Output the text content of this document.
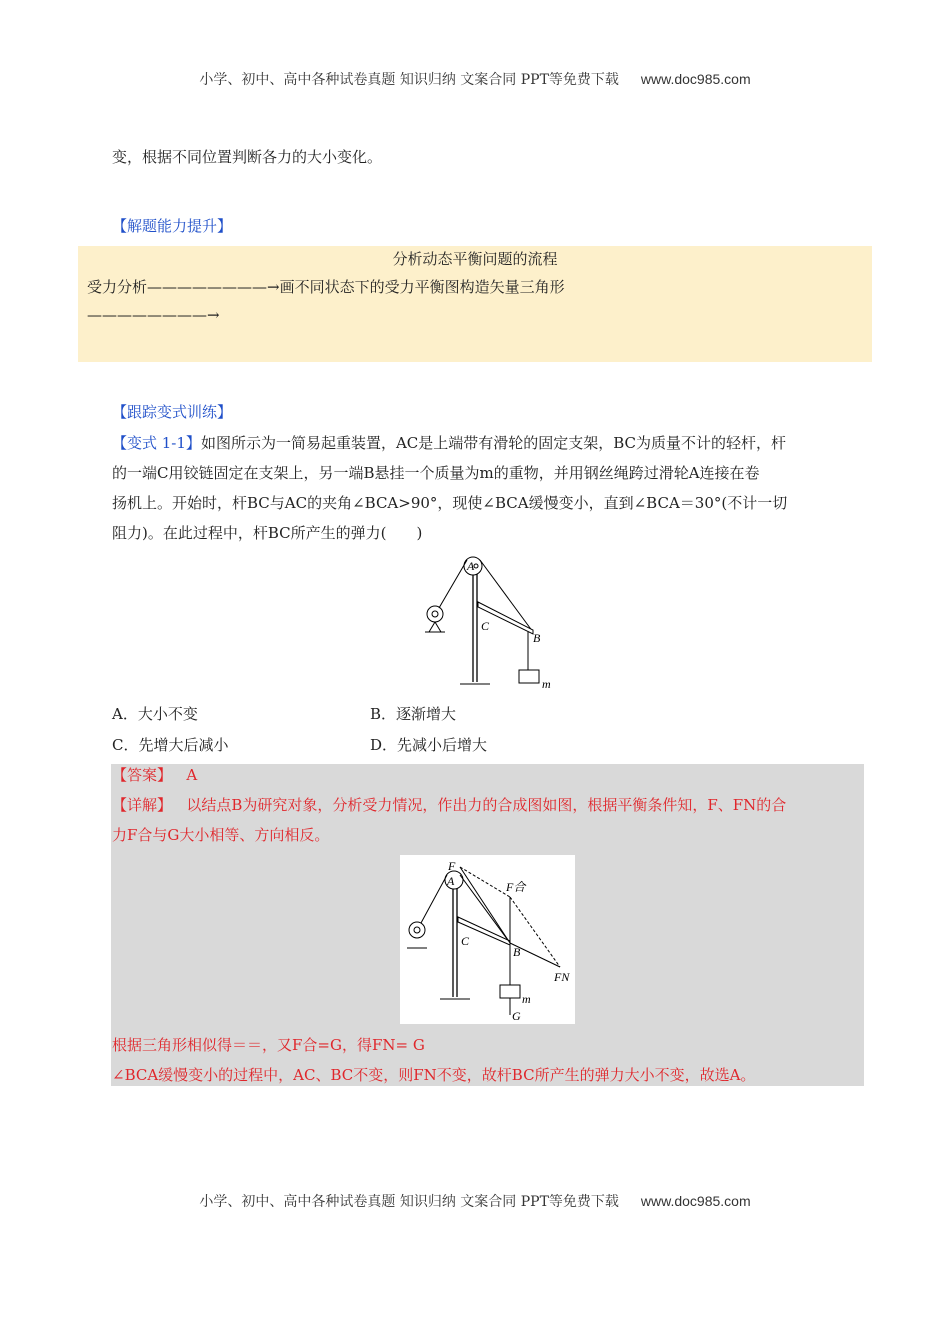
小学、初中、高中各种试卷真题 知识归纳 文案合同 PPT等免费下载 www.doc985.com
变，根据不同位置判断各力的大小变化。
【解题能力提升】
分析动态平衡问题的流程
受力分析————————→画不同状态下的受力平衡图构造矢量三角形
————————→
【跟踪变式训练】
【变式 1-1】如图所示为一简易起重装置，AC是上端带有滑轮的固定支架，BC为质量不计的轻杆，杆
的一端C用铰链固定在支架上，另一端B悬挂一个质量为m的重物，并用钢丝绳跨过滑轮A连接在卷
扬机上。开始时，杆BC与AC的夹角∠BCA>90°，现使∠BCA缓慢变小，直到∠BCA＝30°(不计一切
阻力)。在此过程中，杆BC所产生的弹力(　　)
A
C
B
m
A．大小不变	B．逐渐增大
C．先增大后减小	D．先减小后增大
【答案】 A
【详解】 以结点B为研究对象，分析受力情况，作出力的合成图如图，根据平衡条件知，F、FN的合
力F合与G大小相等、方向相反。
F
A	F合
C
B
FN
m
G
根据三角形相似得＝＝，又F合=G，得FN= G
∠BCA缓慢变小的过程中，AC、BC不变，则FN不变，故杆BC所产生的弹力大小不变，故选A。
小学、初中、高中各种试卷真题 知识归纳 文案合同 PPT等免费下载 www.doc985.com
